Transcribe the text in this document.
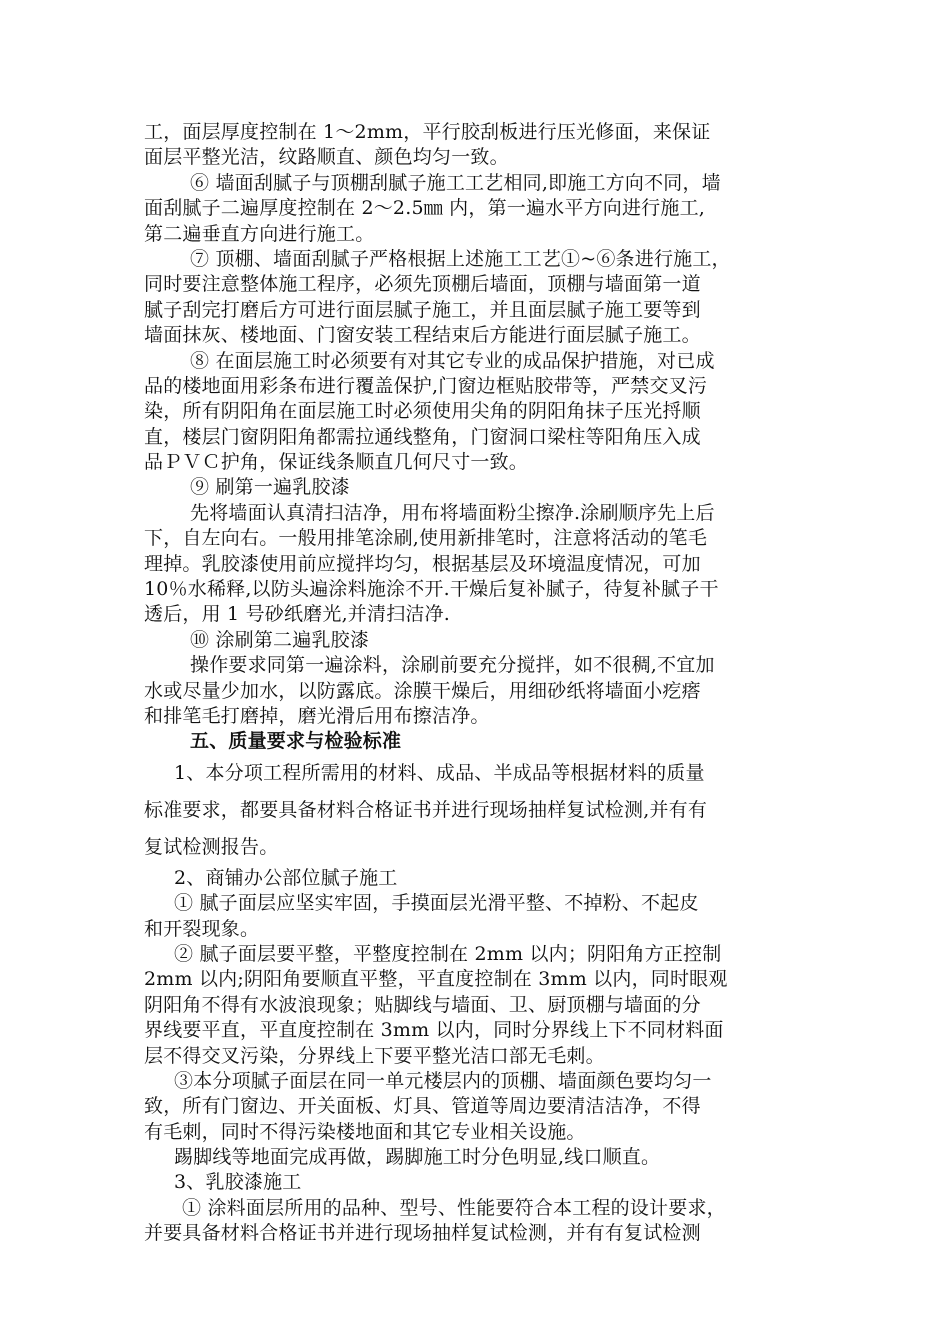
工，面层厚度控制在 1～2mm，平行胶刮板进行压光修面，来保证
面层平整光洁，纹路顺直、颜色均匀一致。
⑥ 墙面刮腻子与顶棚刮腻子施工工艺相同,即施工方向不同，墙
面刮腻子二遍厚度控制在 2～2.5㎜ 内，第一遍水平方向进行施工,
第二遍垂直方向进行施工。
⑦ 顶棚、墙面刮腻子严格根据上述施工工艺①~⑥条进行施工，
同时要注意整体施工程序，必须先顶棚后墙面，顶棚与墙面第一道
腻子刮完打磨后方可进行面层腻子施工，并且面层腻子施工要等到
墙面抹灰、楼地面、门窗安装工程结束后方能进行面层腻子施工。
⑧ 在面层施工时必须要有对其它专业的成品保护措施，对已成
品的楼地面用彩条布进行覆盖保护,门窗边框贴胶带等，严禁交叉污
染，所有阴阳角在面层施工时必须使用尖角的阴阳角抹子压光捋顺
直，楼层门窗阴阳角都需拉通线整角，门窗洞口梁柱等阳角压入成
品ＰＶＣ护角，保证线条顺直几何尺寸一致。
⑨ 刷第一遍乳胶漆
先将墙面认真清扫洁净，用布将墙面粉尘擦净.涂刷顺序先上后
下，自左向右。一般用排笔涂刷,使用新排笔时，注意将活动的笔毛
理掉。乳胶漆使用前应搅拌均匀，根据基层及环境温度情况，可加
10％水稀释,以防头遍涂料施涂不开.干燥后复补腻子，待复补腻子干
透后，用 1 号砂纸磨光,并清扫洁净.
⑩ 涂刷第二遍乳胶漆
操作要求同第一遍涂料，涂刷前要充分搅拌，如不很稠,不宜加
水或尽量少加水，以防露底。涂膜干燥后，用细砂纸将墙面小疙瘩
和排笔毛打磨掉，磨光滑后用布擦洁净。
五、质量要求与检验标准
1、本分项工程所需用的材料、成品、半成品等根据材料的质量
标准要求，都要具备材料合格证书并进行现场抽样复试检测,并有有
复试检测报告。
2、商铺办公部位腻子施工
① 腻子面层应坚实牢固，手摸面层光滑平整、不掉粉、不起皮
和开裂现象。
② 腻子面层要平整，平整度控制在 2mm 以内；阴阳角方正控制
2mm 以内;阴阳角要顺直平整，平直度控制在 3mm 以内，同时眼观
阴阳角不得有水波浪现象；贴脚线与墙面、卫、厨顶棚与墙面的分
界线要平直，平直度控制在 3mm 以内，同时分界线上下不同材料面
层不得交叉污染，分界线上下要平整光洁口部无毛刺。
③本分项腻子面层在同一单元楼层内的顶棚、墙面颜色要均匀一
致，所有门窗边、开关面板、灯具、管道等周边要清洁洁净，不得
有毛刺，同时不得污染楼地面和其它专业相关设施。
踢脚线等地面完成再做，踢脚施工时分色明显,线口顺直。
3、乳胶漆施工
① 涂料面层所用的品种、型号、性能要符合本工程的设计要求，
并要具备材料合格证书并进行现场抽样复试检测，并有有复试检测
